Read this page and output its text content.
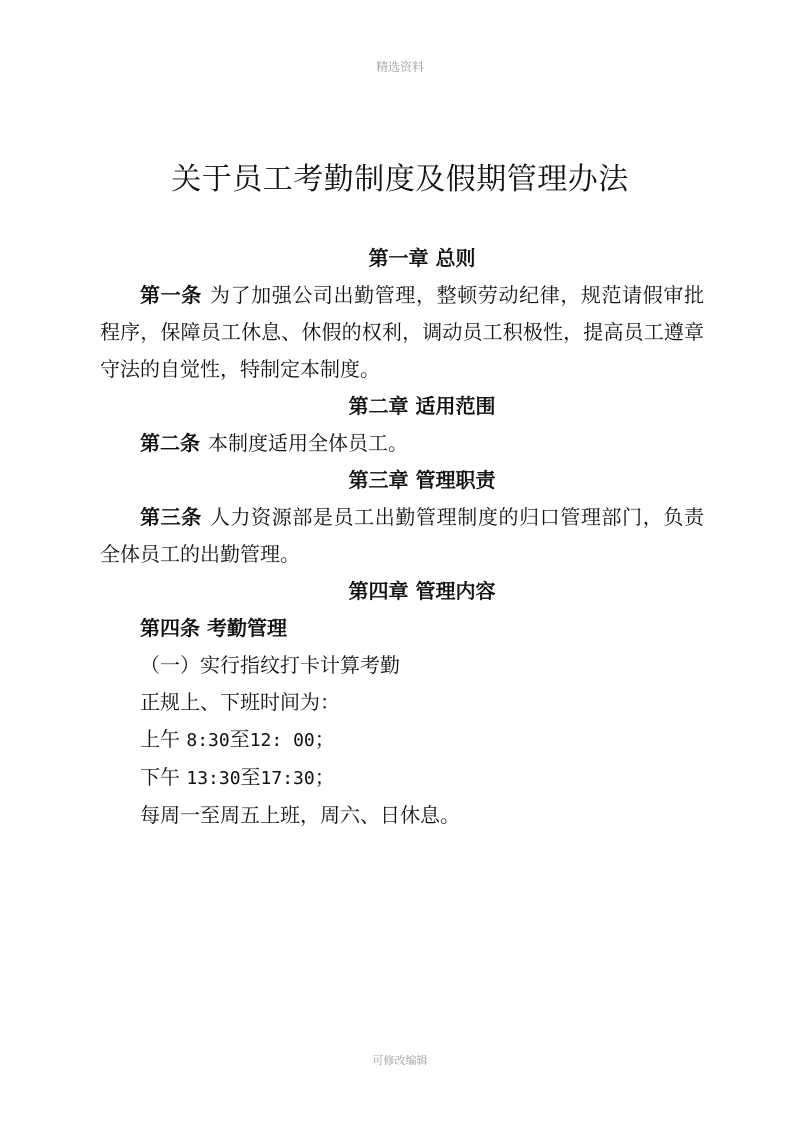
精选资料
关于员工考勤制度及假期管理办法

第一章 总则

第一条 为了加强公司出勤管理，整顿劳动纪律，规范请假审批程序，保障员工休息、休假的权利，调动员工积极性，提高员工遵章守法的自觉性，特制定本制度。

第二章 适用范围

第二条 本制度适用全体员工。

第三章 管理职责

第三条 人力资源部是员工出勤管理制度的归口管理部门，负责全体员工的出勤管理。

第四章 管理内容

第四条 考勤管理

（一）实行指纹打卡计算考勤

正规上、下班时间为：

上午 8:30至12: 00；

下午 13:30至17:30；

每周一至周五上班，周六、日休息。

可修改编辑
